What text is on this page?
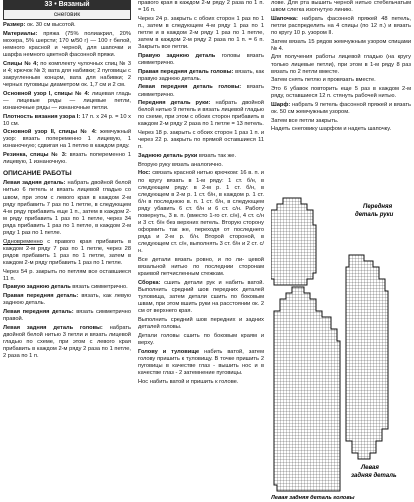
33 • Вязаный
снеговик

Размер: ок. 30 см высотой.

Материалы: пряжа (75% полиакрил, 20% мохера, 5% шерсти; 170 м/50 г) — 100 г белой, немного красной и черной, для шапочки и шарфа немного цветной фасонной пряжи.

Спицы № 4; по комплекту чулочных спиц № 3 и 4; крючок № 3; вата для набивки; 2 пуговицы с закругленным концом, вата для набивки; 2 черных пуговицы диаметром ок. 1,7 см и 2 см.

Основной узор I, спицы № 4: лицевая гладь — лицевые ряды — лицевые петли, изнаночные ряды — изнаночные петли.

Плотность вязания узора I: 17 п. х 24 р. = 10 х 10 см.

Основной узор II, спицы № 4: жемчужный узор: вязать попеременно 1 лицевую, 1 изнаночную; сдвигая на 1 петлю в каждом ряду.

Резинка, спицы № 3: вязать попеременно 1 лицевую, 1 изнаночную.

ОПИСАНИЕ РАБОТЫ

Левая задняя деталь: набрать двойной белой нитью 6 петель и вязать лицевой гладью со швом, при этом с левого края в каждом 2-м ряду прибавить 7 раз по 1 петле, в следующем 4-м ряду прибавить еще 1 п., затем в каждом 2-м ряду прибавить 1 раз по 1 петле, через 34 ряда прибавить 1 раз по 1 петле, в каждом 2-м ряду 1 раз по 1 петле.

Одновременно с правого края прибавить в каждом 2-м ряду 7 раз по 1 петле, через 28 рядов прибавить 1 раз по 1 петле, затем в каждом 2-м ряду прибавить 1 раз по 1 петле.

Через 54 р. закрыть по петлям все оставшиеся 11 п.

Правую заднюю деталь вязать симметрично.

Правая передняя деталь: вязать, как левую заднюю деталь.

Левая передняя деталь: вязать симметрично правой.

Левая задняя деталь головы: набрать двойной белой нитью 3 петли и вязать лицевой гладью по схеме, при этом с левого края прибавить в каждом 2-м ряду 2 раза по 1 петле, 2 раза по 1 п.

правого края в каждом 2-м ряду 2 раза по 1 п. = 16 п.

Через 24 р. закрыть с обоих сторон 1 раз по 1 п., затем в следующем 4-м ряду 1 раз по 1 петле и в каждом 2-м ряду 1 раз по 1 петле, затем в каждом 2-м ряду 2 раза по 1 п. = 6 п. Закрыть все петли.

Правую заднюю деталь головы вязать симметрично.

Правая передняя деталь головы: вязать, как правую заднюю деталь.

Левая передняя деталь головы: вязать симметрично.

Передняя деталь руки: набрать двойной белой нитью 9 петель и вязать лицевой гладью по схеме, при этом с обоих сторон прибавить в каждом 2-м ряду 2 раза по 1 петле = 13 петель.

Через 18 р. закрыть с обоих сторон 1 раз 1 п. и через 22 р. закрыть по прямой оставшиеся 11 п.

Заднюю деталь руки вязать так же.

Вторую руку вязать аналогично.

Нос: связать красной нитью крючком: 16 в. п. и по кругу вязать в 1-м ряду: 1 ст. б/н, в следующем ряду: в 2-м р. 1 ст. б/н, в следующем в 2-м р. 1 ст. б/н, в каждом р. 1 ст. б/н в последнюю в. п. 1 ст. б/н, в следующем ряду убавить 6 ст. б/н и 6 ст. с/н. Работу повернуть, 3 в. п. (вместо 1-го ст. с/н), 4 ст. с/н и 3 ст. б/н без верхних петель. Вторую сторону оформить так же, переходя от последнего ряда и 2-м р. б/н. Второй стороной, в следующем ст. с/н, выполнять 3 ст. б/н и 2 ст. с/н.

Все детали вязать ровно, и по ли- цевой вязальной нитью по последнии сторонам краевой петчисленным стежкам.

Сборка: сшить детали рук и набить ватой. Выполнить средний шов передних деталей туловища, затем детали сшить по боковым швам, при этом вшить руки на расстоянии ок. 2 см от верхнего края.

Выполнить средний шов передних и задних деталей головы.

Детали головы сшить по боковым краям и верху.

Голову и туловище набить ватой, затем голову пришить к туловищу. В точке пришить 2 пуговицы в качестве глаз - вышить нос и в качестве глаз - 2 затемнение пуговицы.

Нос набить ватой и пришить к голове.

лове. Для рта вышить черной нитью стебельчатым швом слегка изогнутую линию.

Шапочка: набрать фасонной пряжей 48 петель, петли распределить на 4 спицы (по 12 п.) и вязать по кругу 10 р. узором II.

Затем вязать 15 рядов жемчужным узором спицами № 4.

Для получения работы лицевой гладью (на кругу только лицевые петли), при этом в 1-м ряду 8 раз вязать по 2 петли вместе.

Затем снять петлю и провязать вместе.

Это 6 убавок повторить еще 5 раз в каждом 2-м ряду, оставшиеся 12 п. стянуть рабочей нитью.

Шарф: набрать 9 петель фасонной пряжей и вязать ок. 50 см жемчужным узором.

Затем все петли закрыть.

Надеть снеговику шарфом и надеть шапочку.

Передняя
деталь руки
Левая
задняя деталь
Левая задняя деталь головы
